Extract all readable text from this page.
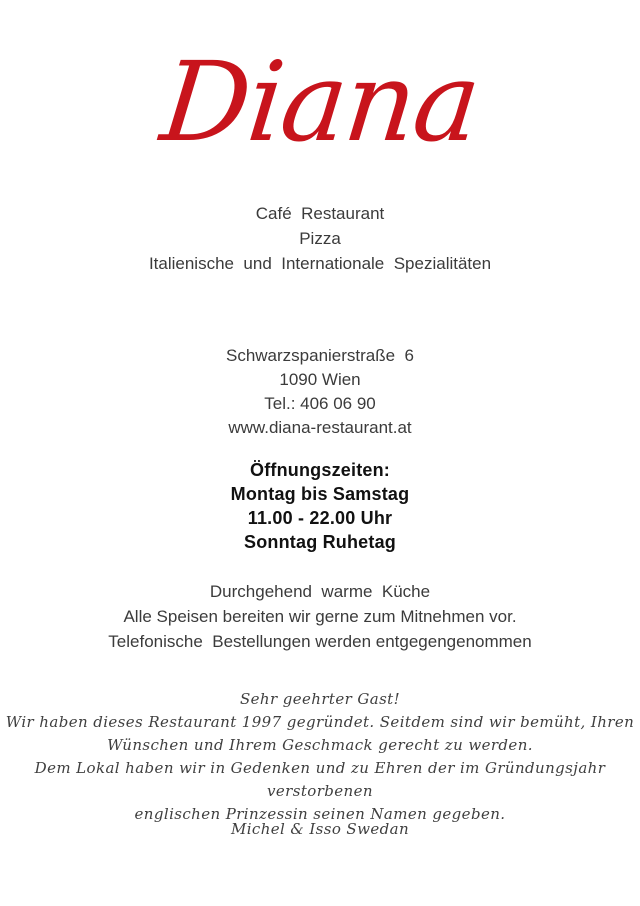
Diana
Café  Restaurant
Pizza
Italienische  und  Internationale  Spezialitäten
Schwarzspanierstraße  6
1090 Wien
Tel.: 406 06 90
www.diana-restaurant.at
Öffnungszeiten:
Montag bis Samstag
11.00 - 22.00 Uhr
Sonntag Ruhetag
Durchgehend  warme  Küche
Alle Speisen bereiten wir gerne zum Mitnehmen vor.
Telefonische  Bestellungen werden entgegengenommen
Sehr geehrter Gast!
Wir haben dieses Restaurant 1997 gegründet. Seitdem sind wir bemüht, Ihren
Wünschen und Ihrem Geschmack gerecht zu werden.
Dem Lokal haben wir in Gedenken und zu Ehren der im Gründungsjahr verstorbenen
englischen Prinzessin seinen Namen gegeben.
Michel & Isso Swedan
